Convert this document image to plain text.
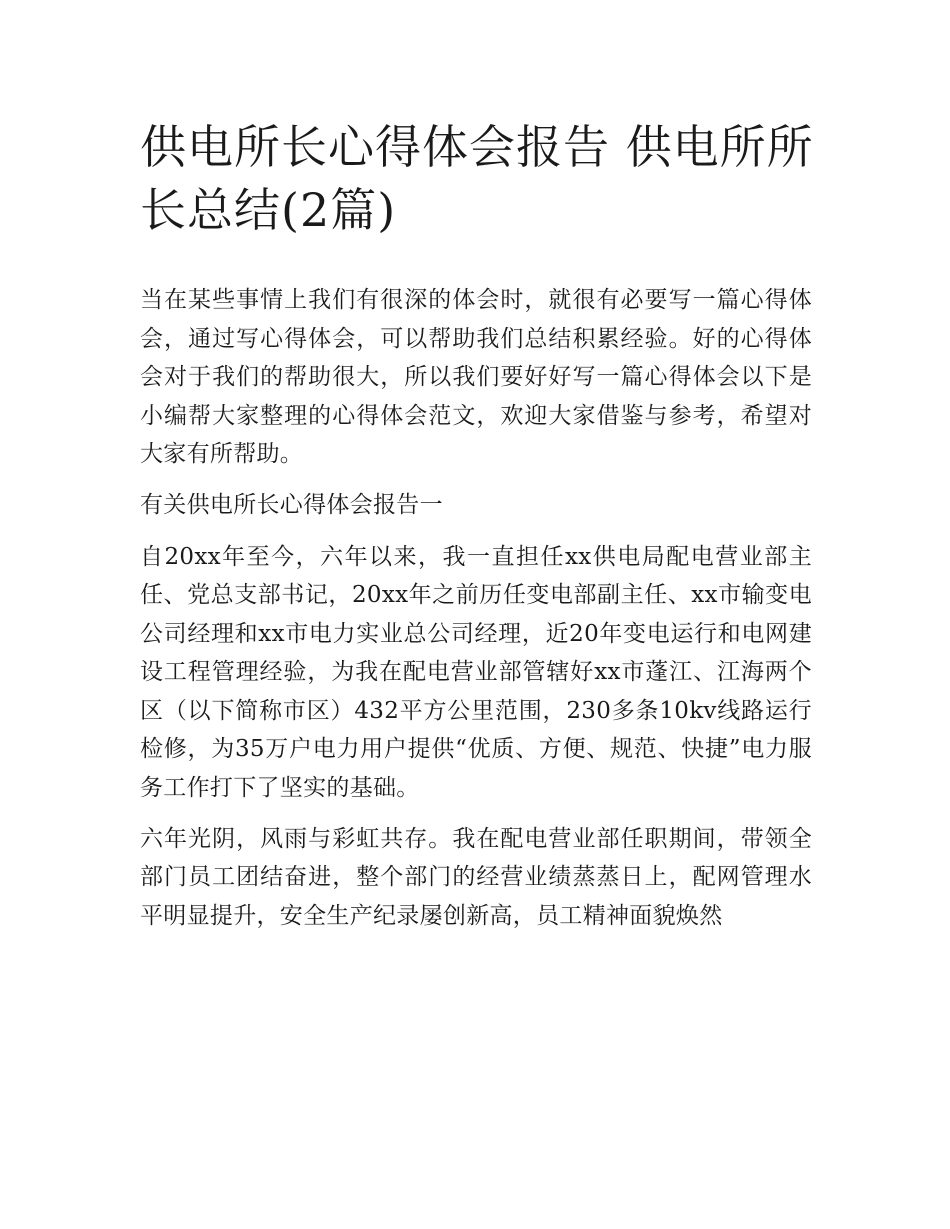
供电所长心得体会报告 供电所所长总结(2篇)

当在某些事情上我们有很深的体会时，就很有必要写一篇心得体会，通过写心得体会，可以帮助我们总结积累经验。好的心得体会对于我们的帮助很大，所以我们要好好写一篇心得体会以下是小编帮大家整理的心得体会范文，欢迎大家借鉴与参考，希望对大家有所帮助。

有关供电所长心得体会报告一

自20xx年至今，六年以来，我一直担任xx供电局配电营业部主任、党总支部书记，20xx年之前历任变电部副主任、xx市输变电公司经理和xx市电力实业总公司经理，近20年变电运行和电网建设工程管理经验，为我在配电营业部管辖好xx市蓬江、江海两个区（以下简称市区）432平方公里范围，230多条10kv线路运行检修，为35万户电力用户提供“优质、方便、规范、快捷”电力服务工作打下了坚实的基础。

六年光阴，风雨与彩虹共存。我在配电营业部任职期间，带领全部门员工团结奋进，整个部门的经营业绩蒸蒸日上，配网管理水平明显提升，安全生产纪录屡创新高，员工精神面貌焕然
